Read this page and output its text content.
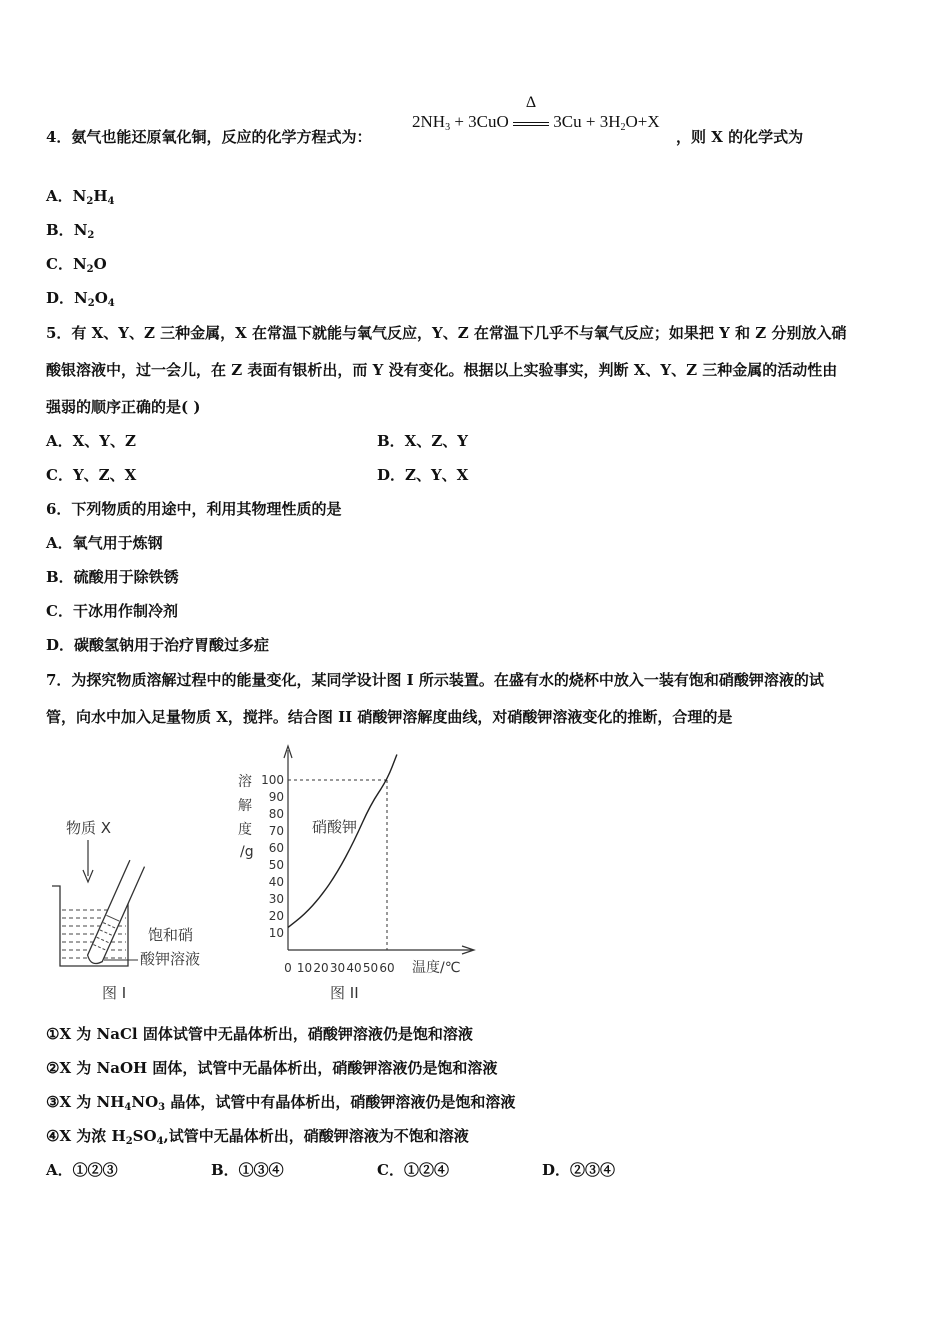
4．氨气也能还原氧化铜，反应的化学方程式为：
$2NH_3 + 3CuO$
Δ
$3Cu + 3H_2O+X$
，则 X 的化学式为
A．$N_2H_4$
B．$N_2$
C．$N_2O$
D．$N_2O_4$
5．有 X、Y、Z 三种金属，X 在常温下就能与氧气反应，Y、Z 在常温下几乎不与氧气反应；如果把 Y 和 Z 分别放入硝
酸银溶液中，过一会儿，在 Z 表面有银析出，而 Y 没有变化。根据以上实验事实，判断 X、Y、Z 三种金属的活动性由
强弱的顺序正确的是( )
A．X、Y、Z	B．X、Z、Y
C．Y、Z、X	D．Z、Y、X
6．下列物质的用途中，利用其物理性质的是
A．氧气用于炼钢
B．硫酸用于除铁锈
C．干冰用作制冷剂
D．碳酸氢钠用于治疗胃酸过多症
7．为探究物质溶解过程中的能量变化，某同学设计图 I 所示装置。在盛有水的烧杯中放入一装有饱和硝酸钾溶液的试
管，向水中加入足量物质 X，搅拌。结合图 II 硝酸钾溶解度曲线，对硝酸钾溶液变化的推断，合理的是
物质 X
饱和硝
酸钾溶液
图 I
溶
解
度
/g
温度/℃
硝酸钾
图 II
0 10 20 30 40 50 60
10
20
30
40
50
60
70
80
90
100
①X 为 NaCl 固体试管中无晶体析出，硝酸钾溶液仍是饱和溶液
②X 为 NaOH 固体，试管中无晶体析出，硝酸钾溶液仍是饱和溶液
③X 为 $NH_4NO_3$ 晶体，试管中有晶体析出，硝酸钾溶液仍是饱和溶液
④X 为浓 $H_2SO_4$,试管中无晶体析出，硝酸钾溶液为不饱和溶液
A．①②③	B．①③④	C．①②④	D．②③④
